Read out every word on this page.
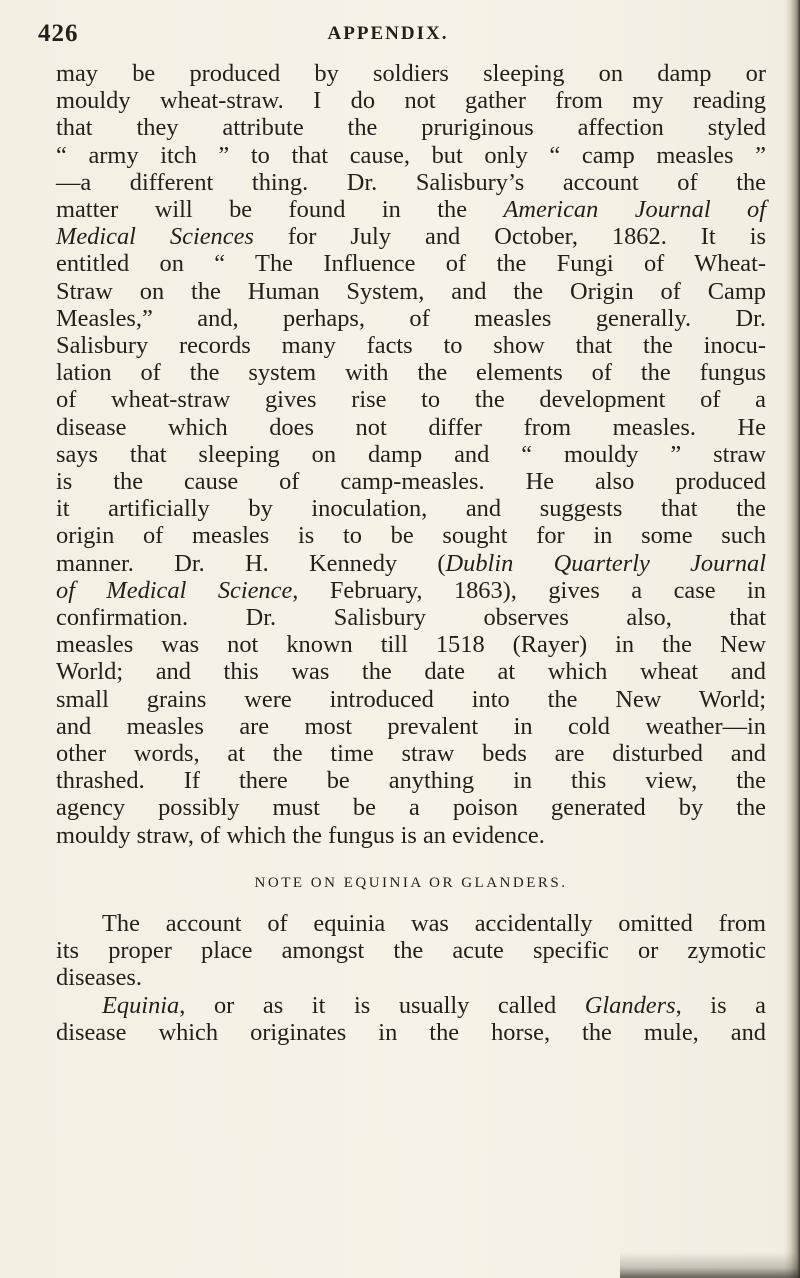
426	APPENDIX.
may be produced by soldiers sleeping on damp or
mouldy wheat-straw. I do not gather from my reading
that they attribute the pruriginous affection styled
“ army itch ” to that cause, but only “ camp measles ”
—a different thing. Dr. Salisbury’s account of the
matter will be found in the American Journal of
Medical Sciences for July and October, 1862. It is
entitled on “ The Influence of the Fungi of Wheat-
Straw on the Human System, and the Origin of Camp
Measles,” and, perhaps, of measles generally. Dr.
Salisbury records many facts to show that the inocu-
lation of the system with the elements of the fungus
of wheat-straw gives rise to the development of a
disease which does not differ from measles. He
says that sleeping on damp and “ mouldy ” straw
is the cause of camp-measles. He also produced
it artificially by inoculation, and suggests that the
origin of measles is to be sought for in some such
manner. Dr. H. Kennedy (Dublin Quarterly Journal
of Medical Science, February, 1863), gives a case in
confirmation. Dr. Salisbury observes also, that
measles was not known till 1518 (Rayer) in the New
World; and this was the date at which wheat and
small grains were introduced into the New World;
and measles are most prevalent in cold weather—in
other words, at the time straw beds are disturbed and
thrashed. If there be anything in this view, the
agency possibly must be a poison generated by the
mouldy straw, of which the fungus is an evidence.
NOTE ON EQUINIA OR GLANDERS.
The account of equinia was accidentally omitted from
its proper place amongst the acute specific or zymotic
diseases.
Equinia, or as it is usually called Glanders, is a
disease which originates in the horse, the mule, and
